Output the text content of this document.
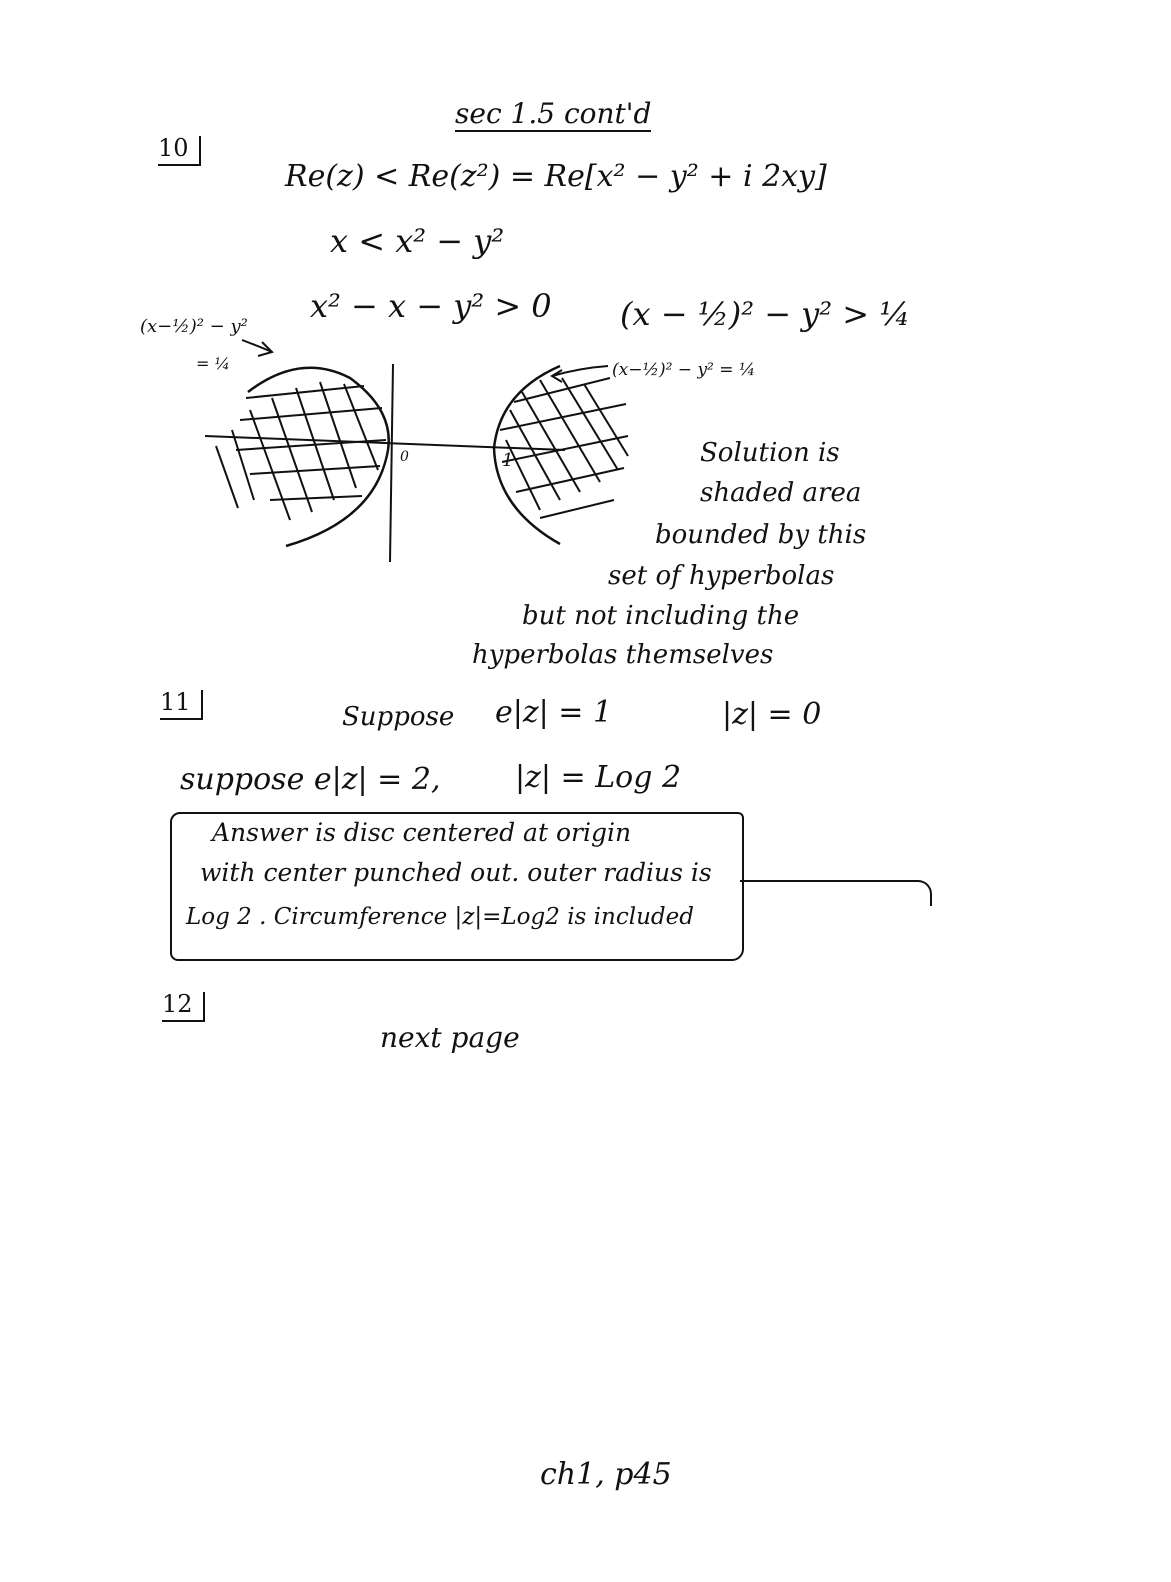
sec 1.5 cont'd
10
Re(z) < Re(z²) = Re[x² − y² + i 2xy]
x < x² − y²
x² − x − y² > 0 (x − ½)² − y² > ¼
(x−½)² − y²
= ¼	(x−½)² − y² = ¼
0	1	Solution is
shaded area
bounded by this
set of hyperbolas
but not including the
hyperbolas themselves
11	Suppose e|z| = 1	|z| = 0
suppose e|z| = 2, |z| = Log 2
Answer is disc centered at origin
with center punched out. outer radius is
Log 2 . Circumference |z|=Log2 is included
12
next page
ch1, p45
